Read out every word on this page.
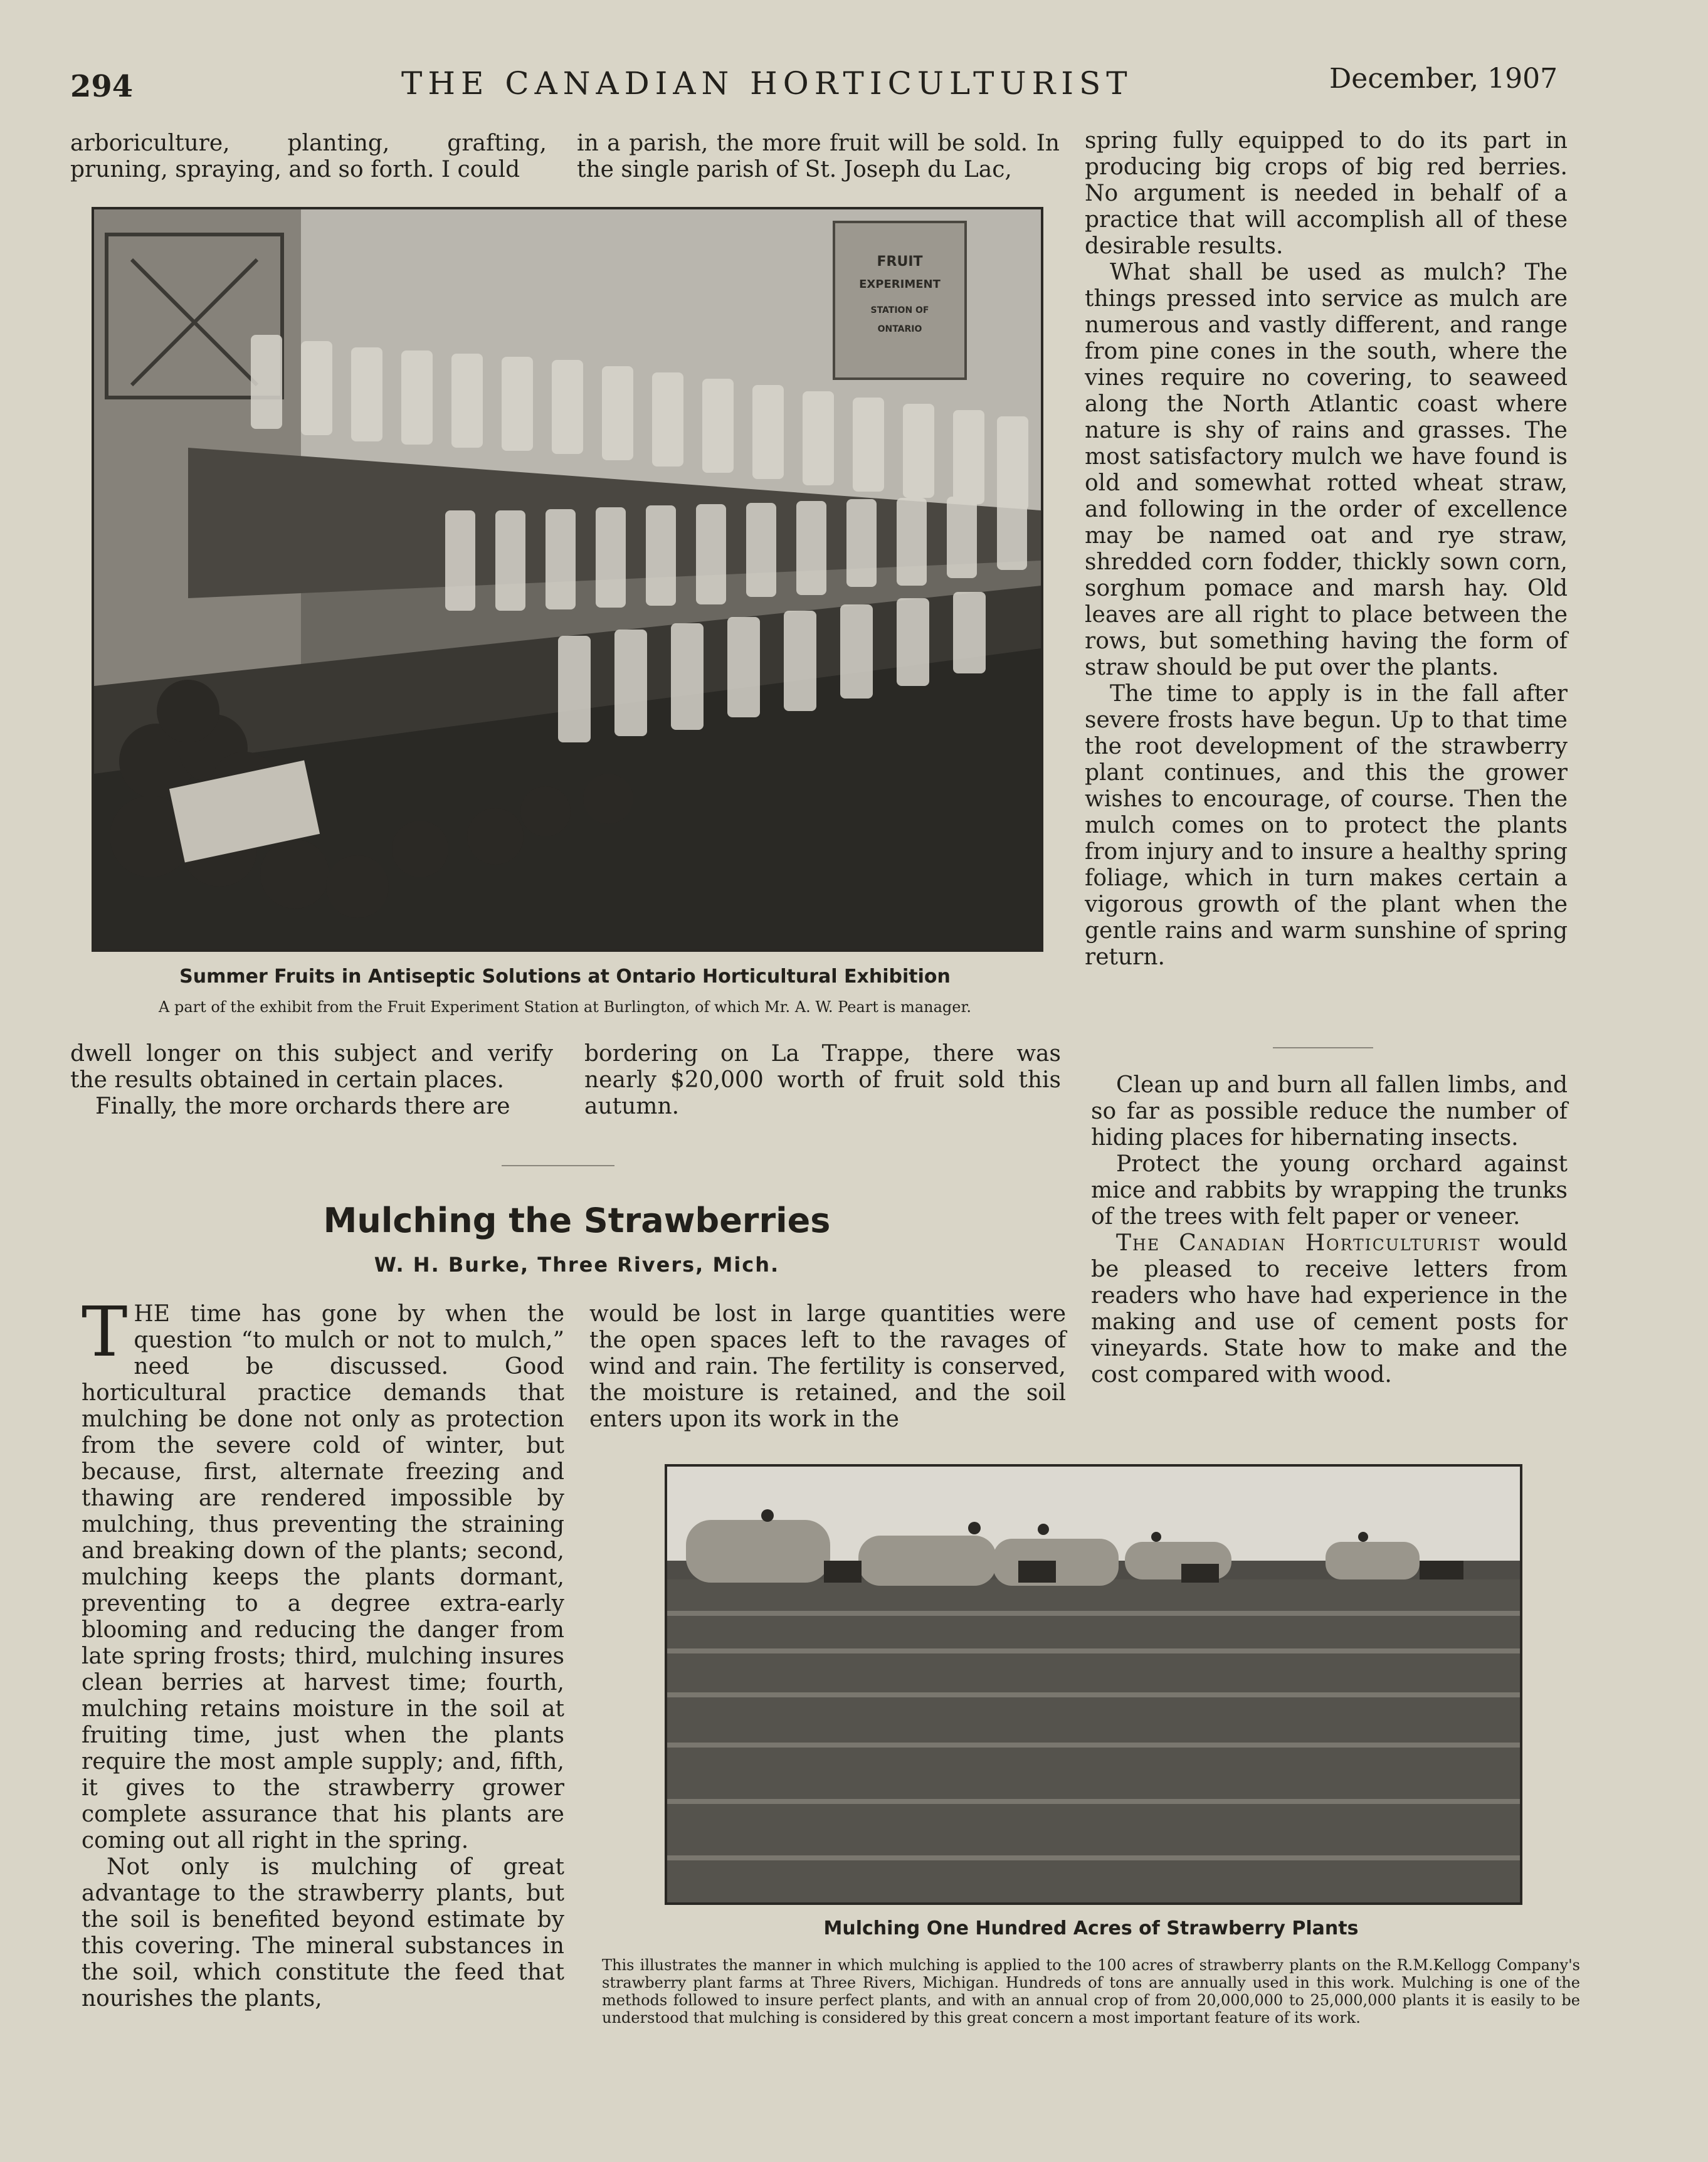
294	THE CANADIAN HORTICULTURIST	December, 1907
arboriculture, planting, grafting, pruning, spraying, and so forth. I could
in a parish, the more fruit will be sold. In the single parish of St. Joseph du Lac,

spring fully equipped to do its part in producing big crops of big red berries. No argument is needed in behalf of a practice that will accomplish all of these desirable results.

What shall be used as mulch? The things pressed into service as mulch are numerous and vastly different, and range from pine cones in the south, where the vines require no covering, to seaweed along the North Atlantic coast where nature is shy of rains and grasses. The most satisfactory mulch we have found is old and somewhat rotted wheat straw, and following in the order of excellence may be named oat and rye straw, shredded corn fodder, thickly sown corn, sorghum pomace and marsh hay. Old leaves are all right to place between the rows, but something having the form of straw should be put over the plants.

The time to apply is in the fall after severe frosts have begun. Up to that time the root development of the strawberry plant continues, and this the grower wishes to encourage, of course. Then the mulch comes on to protect the plants from injury and to insure a healthy spring foliage, which in turn makes certain a vigorous growth of the plant when the gentle rains and warm sunshine of spring return.

FRUIT
EXPERIMENT
STATION OF
ONTARIO
Summer Fruits in Antiseptic Solutions at Ontario Horticultural Exhibition
A part of the exhibit from the Fruit Experiment Station at Burlington, of which Mr. A. W. Peart is manager.

dwell longer on this subject and verify the results obtained in certain places.

Finally, the more orchards there are

bordering on La Trappe, there was nearly $20,000 worth of fruit sold this autumn.

Clean up and burn all fallen limbs, and so far as possible reduce the number of hiding places for hibernating insects.

Protect the young orchard against mice and rabbits by wrapping the trunks of the trees with felt paper or veneer.

The Canadian Horticulturist would be pleased to receive letters from readers who have had experience in the making and use of cement posts for vineyards. State how to make and the cost compared with wood.

Mulching the Strawberries
W. H. Burke, Three Rivers, Mich.

THE time has gone by when the question “to mulch or not to mulch,” need be discussed. Good horticultural practice demands that mulching be done not only as protection from the severe cold of winter, but because, first, alternate freezing and thawing are rendered impossible by mulching, thus preventing the straining and breaking down of the plants; second, mulching keeps the plants dormant, preventing to a degree extra-early blooming and reducing the danger from late spring frosts; third, mulching insures clean berries at harvest time; fourth, mulching retains moisture in the soil at fruiting time, just when the plants require the most ample supply; and, fifth, it gives to the strawberry grower complete assurance that his plants are coming out all right in the spring.

Not only is mulching of great advantage to the strawberry plants, but the soil is benefited beyond estimate by this covering. The mineral substances in the soil, which constitute the feed that nourishes the plants,

would be lost in large quantities were the open spaces left to the ravages of wind and rain. The fertility is conserved, the moisture is retained, and the soil enters upon its work in the
Mulching One Hundred Acres of Strawberry Plants
This illustrates the manner in which mulching is applied to the 100 acres of strawberry plants on the R.M.Kellogg Company's strawberry plant farms at Three Rivers, Michigan. Hundreds of tons are annually used in this work. Mulching is one of the methods followed to insure perfect plants, and with an annual crop of from 20,000,000 to 25,000,000 plants it is easily to be understood that mulching is considered by this great concern a most important feature of its work.
